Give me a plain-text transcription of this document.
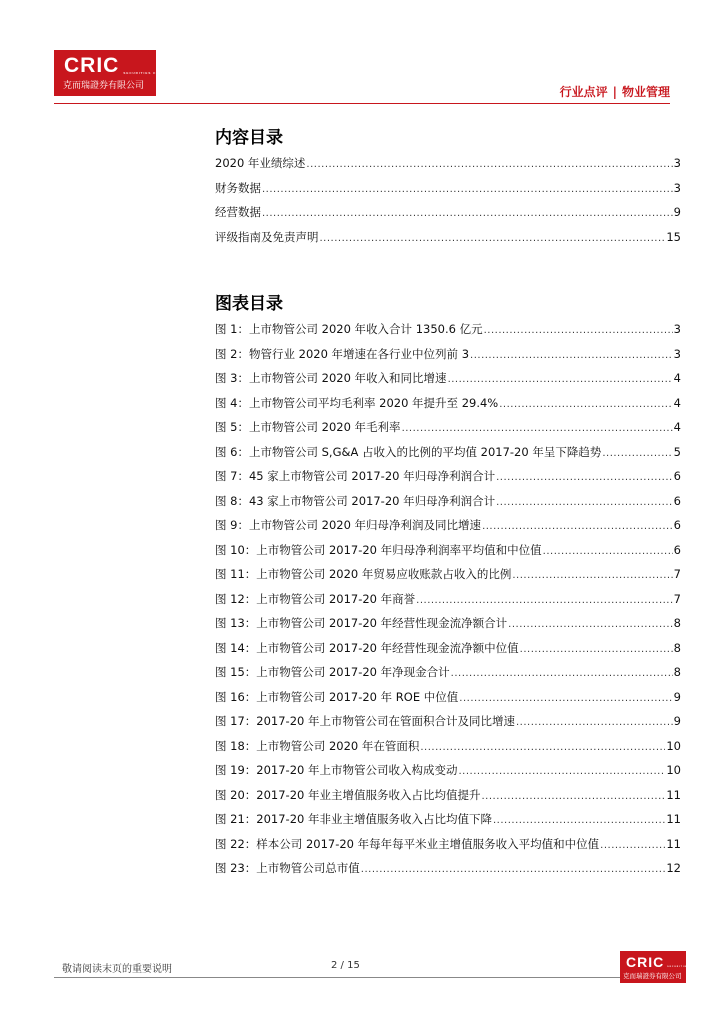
CRIC SECURITIES CO.,LTD
克而瑞證券有限公司	行业点评 | 物业管理
内容目录
2020 年业绩综述 .....	3
财务数据 .....	3
经营数据 .....	9
评级指南及免责声明 .....	15
图表目录
图 1：上市物管公司 2020 年收入合计 1350.6 亿元 .....	3
图 2：物管行业 2020 年增速在各行业中位列前 3 .....	3
图 3：上市物管公司 2020 年收入和同比增速 .....	4
图 4：上市物管公司平均毛利率 2020 年提升至 29.4% .....	4
图 5：上市物管公司 2020 年毛利率 .....	4
图 6：上市物管公司 S,G&A 占收入的比例的平均值 2017-20 年呈下降趋势 .....	5
图 7：45 家上市物管公司 2017-20 年归母净利润合计 .....	6
图 8：43 家上市物管公司 2017-20 年归母净利润合计 .....	6
图 9：上市物管公司 2020 年归母净利润及同比增速 .....	6
图 10：上市物管公司 2017-20 年归母净利润率平均值和中位值 .....	6
图 11：上市物管公司 2020 年贸易应收账款占收入的比例 .....	7
图 12：上市物管公司 2017-20 年商誉 .....	7
图 13：上市物管公司 2017-20 年经营性现金流净额合计 .....	8
图 14：上市物管公司 2017-20 年经营性现金流净额中位值 .....	8
图 15：上市物管公司 2017-20 年净现金合计 .....	8
图 16：上市物管公司 2017-20 年 ROE 中位值 .....	9
图 17：2017-20 年上市物管公司在管面积合计及同比增速 .....	9
图 18：上市物管公司 2020 年在管面积 .....	10
图 19：2017-20 年上市物管公司收入构成变动 .....	10
图 20：2017-20 年业主增值服务收入占比均值提升 .....	11
图 21：2017-20 年非业主增值服务收入占比均值下降 .....	11
图 22：样本公司 2017-20 年每年每平米业主增值服务收入平均值和中位值 .....	11
图 23：上市物管公司总市值 .....	12
敬请阅读末页的重要说明	2 / 15	CRIC SECURITIES CO.,LTD
克而瑞證券有限公司
